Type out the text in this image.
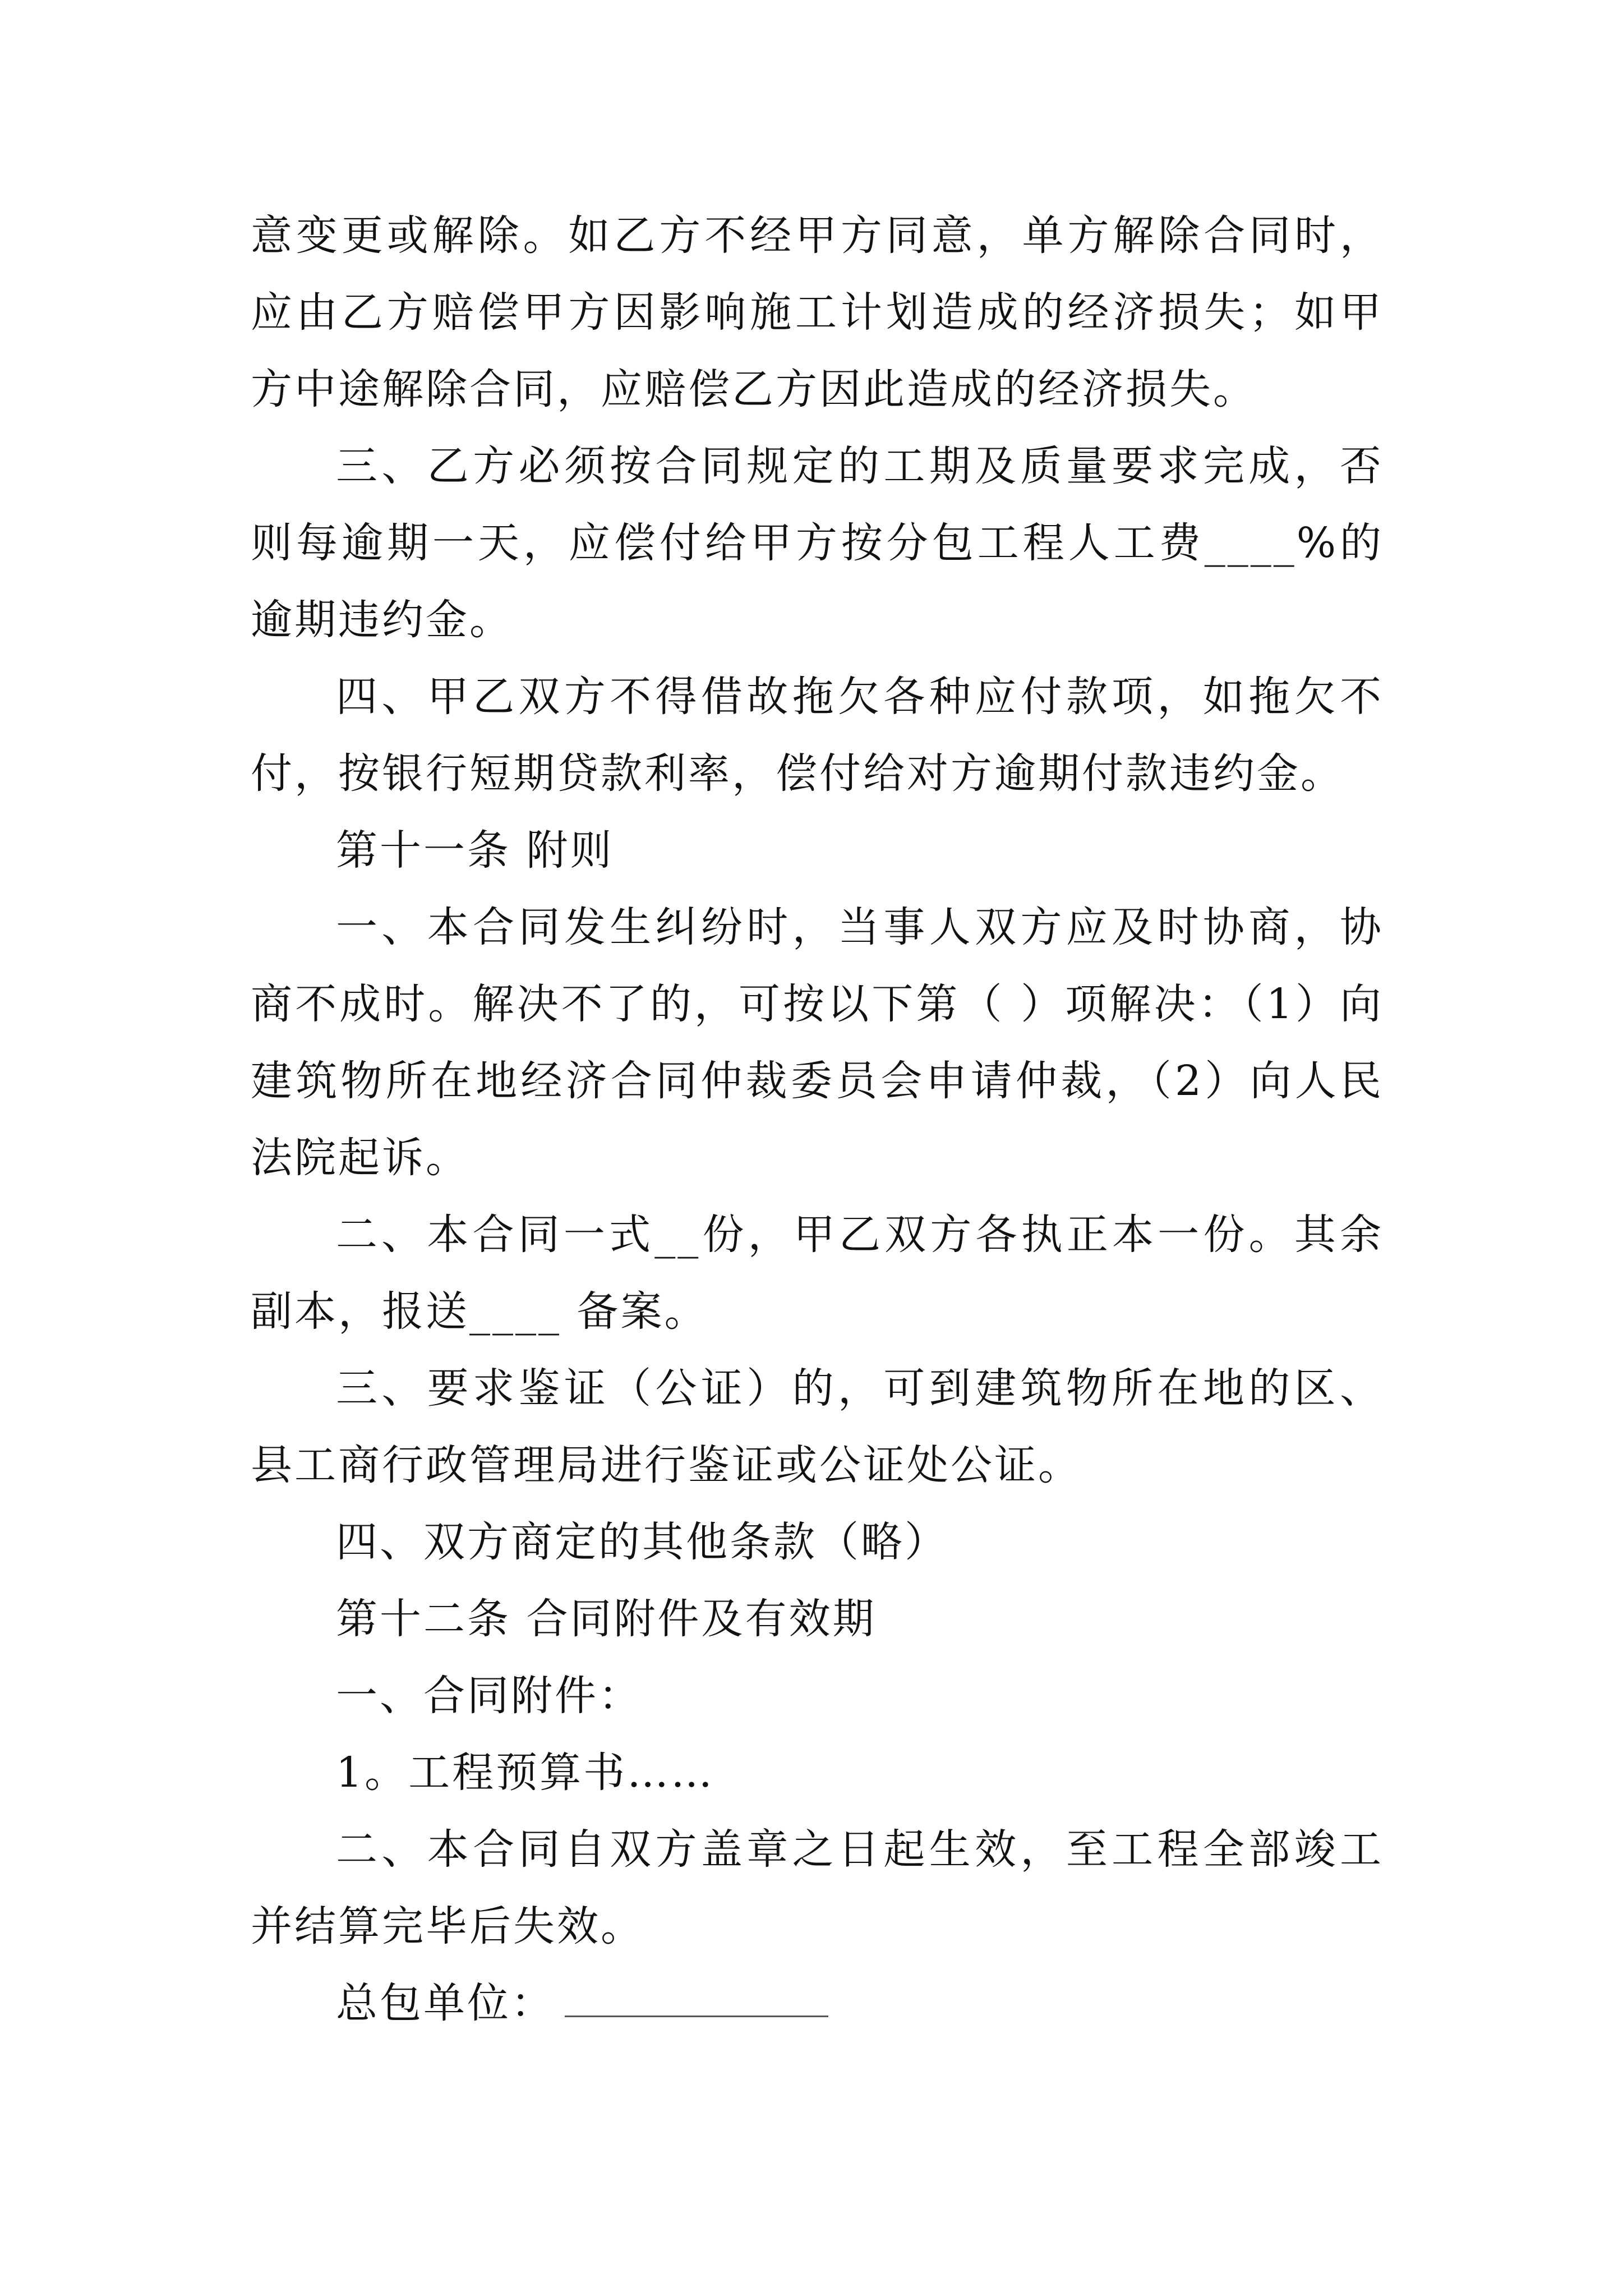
意变更或解除。如乙方不经甲方同意，单方解除合同时，应由乙方赔偿甲方因影响施工计划造成的经济损失；如甲方中途解除合同，应赔偿乙方因此造成的经济损失。

三、乙方必须按合同规定的工期及质量要求完成，否则每逾期一天，应偿付给甲方按分包工程人工费____%的逾期违约金。

四、甲乙双方不得借故拖欠各种应付款项，如拖欠不付，按银行短期贷款利率，偿付给对方逾期付款违约金。

第十一条 附则

一、本合同发生纠纷时，当事人双方应及时协商，协商不成时。解决不了的，可按以下第（ ）项解决：（1）向建筑物所在地经济合同仲裁委员会申请仲裁，（2）向人民法院起诉。

二、本合同一式__份，甲乙双方各执正本一份。其余副本，报送____ 备案。

三、要求鉴证（公证）的，可到建筑物所在地的区、县工商行政管理局进行鉴证或公证处公证。

四、双方商定的其他条款（略）

第十二条 合同附件及有效期

一、合同附件：

1。工程预算书……

二、本合同自双方盖章之日起生效，至工程全部竣工并结算完毕后失效。

总包单位：
